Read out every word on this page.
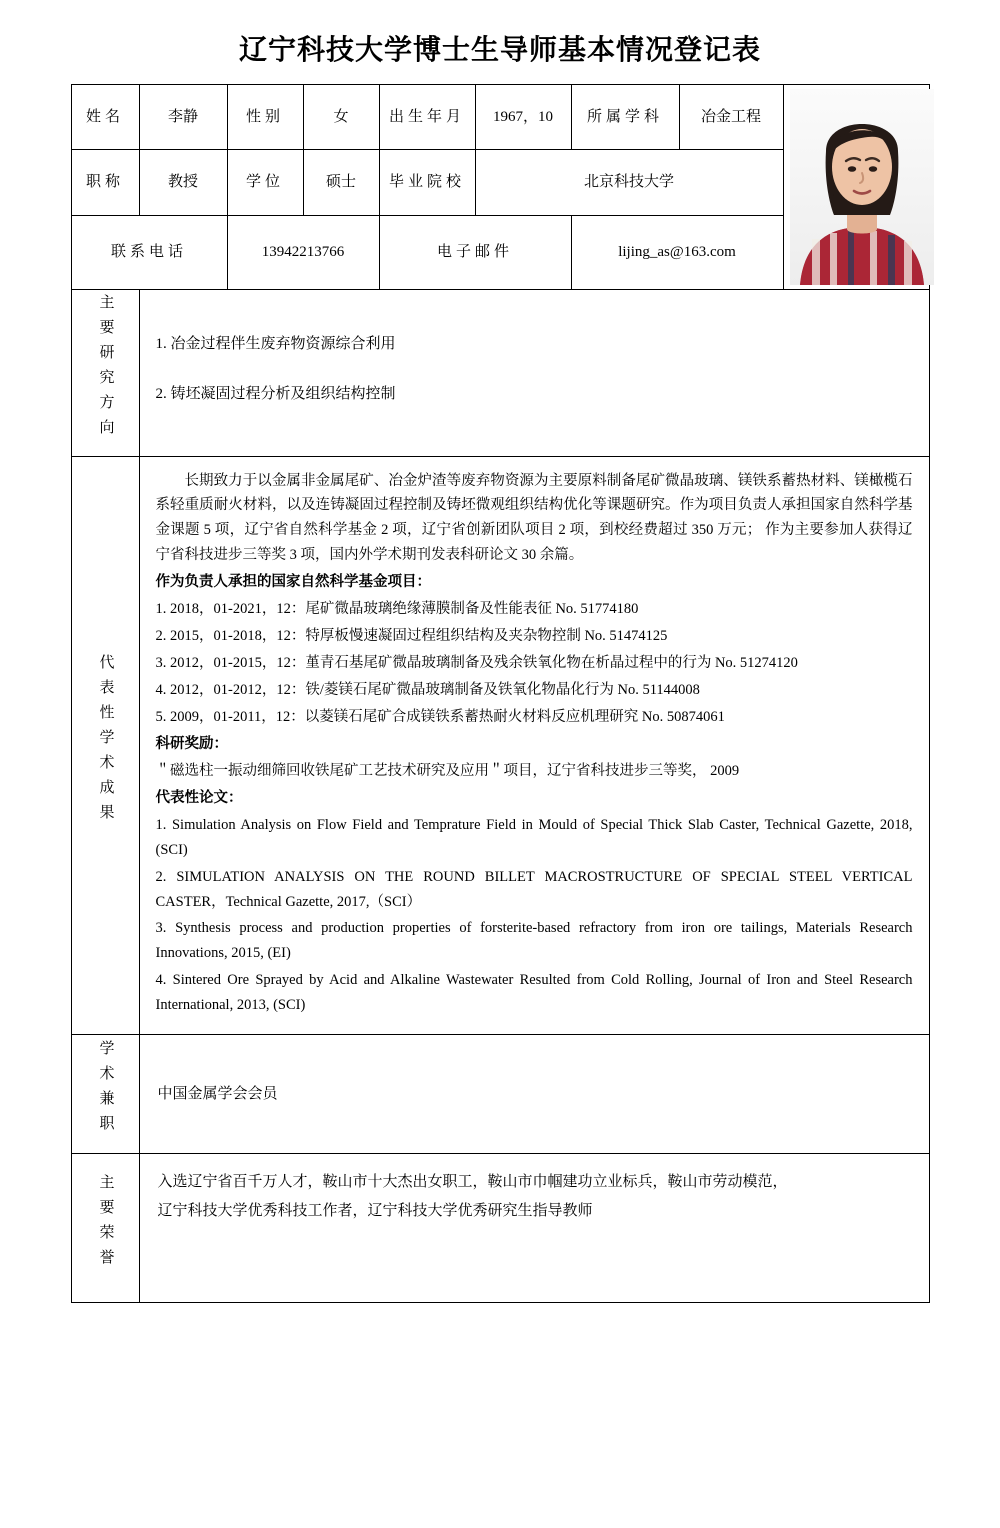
辽宁科技大学博士生导师基本情况登记表
姓名	李静	性别	女	出生年月	1967，10	所属学科	冶金工程	

职称	教授	学位	硕士	毕业院校	北京科技大学			
联系电话		13942213766		电子邮件		lijing_as@163.com		
主要研究方向	1. 冶金过程伴生废弃物资源综合利用
2. 铸坯凝固过程分析及组织结构控制							

代表性学术成果	

长期致力于以金属非金属尾矿、冶金炉渣等废弃物资源为主要原料制备尾矿微晶玻璃、镁铁系蓄热材料、镁橄榄石系轻重质耐火材料，以及连铸凝固过程控制及铸坯微观组织结构优化等课题研究。作为项目负责人承担国家自然科学基金课题 5 项，辽宁省自然科学基金 2 项，辽宁省创新团队项目 2 项，到校经费超过 350 万元； 作为主要参加人获得辽宁省科技进步三等奖 3 项，国内外学术期刊发表科研论文 30 余篇。

作为负责人承担的国家自然科学基金项目：

1. 2018，01-2021，12：尾矿微晶玻璃绝缘薄膜制备及性能表征 No. 51774180

2. 2015，01-2018，12：特厚板慢速凝固过程组织结构及夹杂物控制 No. 51474125

3. 2012，01-2015，12：堇青石基尾矿微晶玻璃制备及残余铁氧化物在析晶过程中的行为 No. 51274120

4. 2012，01-2012，12：铁/菱镁石尾矿微晶玻璃制备及铁氧化物晶化行为 No. 51144008

5. 2009，01-2011，12：以菱镁石尾矿合成镁铁系蓄热耐火材料反应机理研究 No. 50874061

科研奖励：

＂磁选柱一振动细筛回收铁尾矿工艺技术研究及应用＂项目，辽宁省科技进步三等奖， 2009

代表性论文：

1. Simulation Analysis on Flow Field and Temprature Field in Mould of Special Thick Slab Caster, Technical Gazette, 2018, (SCI)

2. SIMULATION ANALYSIS ON THE ROUND BILLET MACROSTRUCTURE OF SPECIAL STEEL VERTICAL CASTER，Technical Gazette, 2017,（SCI）

3. Synthesis process and production properties of forsterite-based refractory from iron ore tailings, Materials Research Innovations, 2015, (EI)

4. Sintered Ore Sprayed by Acid and Alkaline Wastewater Resulted from Cold Rolling, Journal of Iron and Steel Research International, 2013, (SCI)

学术兼职	中国金属学会会员							

主要荣誉	入选辽宁省百千万人才，鞍山市十大杰出女职工，鞍山市巾帼建功立业标兵，鞍山市劳动模范，

辽宁科技大学优秀科技工作者，辽宁科技大学优秀研究生指导教师							
